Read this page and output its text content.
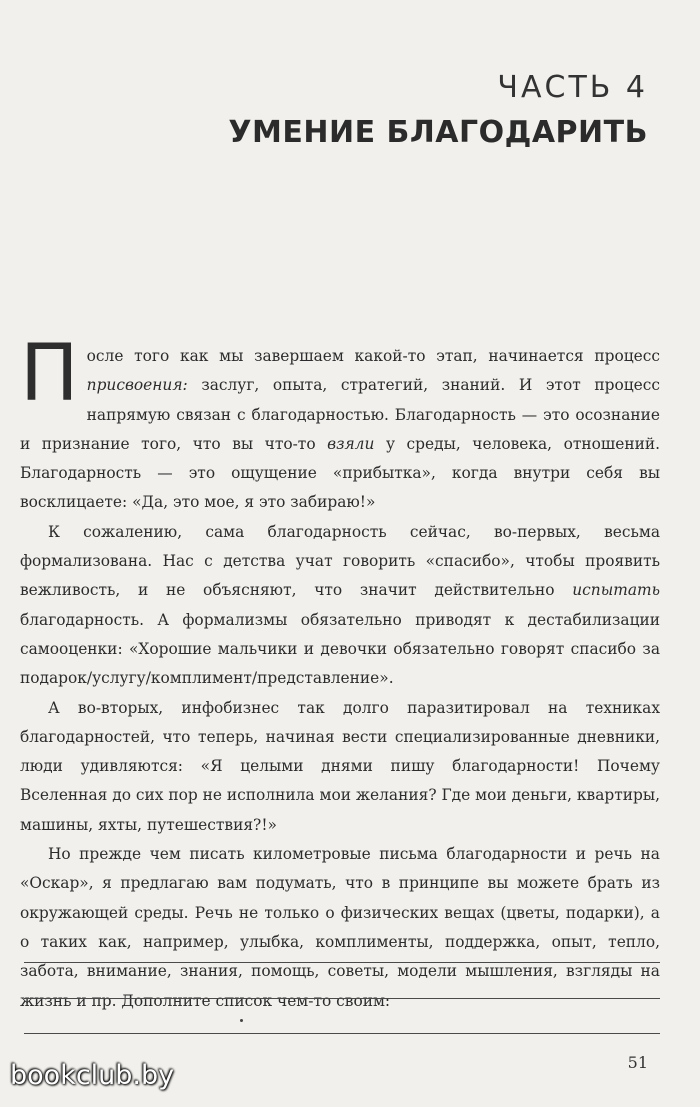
ЧАСТЬ 4
УМЕНИЕ БЛАГОДАРИТЬ

После того как мы завершаем какой-то этап, начинается процесс присвоения: заслуг, опыта, стратегий, знаний. И этот процесс напрямую связан с благодарностью. Благодарность — это осознание и признание того, что вы что-то взяли у среды, человека, отношений. Благодарность — это ощущение «прибытка», когда внутри себя вы восклицаете: «Да, это мое, я это забираю!»

К сожалению, сама благодарность сейчас, во-первых, весьма формализована. Нас с детства учат говорить «спасибо», чтобы проявить вежливость, и не объясняют, что значит действительно испытать благодарность. А формализмы обязательно приводят к дестабилизации самооценки: «Хорошие мальчики и девочки обязательно говорят спасибо за подарок/услугу/комплимент/представление».

А во-вторых, инфобизнес так долго паразитировал на техниках благодарностей, что теперь, начиная вести специализированные дневники, люди удивляются: «Я целыми днями пишу благодарности! Почему Вселенная до сих пор не исполнила мои желания? Где мои деньги, квартиры, машины, яхты, путешествия?!»

Но прежде чем писать километровые письма благодарности и речь на «Оскар», я предлагаю вам подумать, что в принципе вы можете брать из окружающей среды. Речь не только о физических вещах (цветы, подарки), а о таких как, например, улыбка, комплименты, поддержка, опыт, тепло, забота, внимание, знания, помощь, советы, модели мышления, взгляды на жизнь и пр. Дополните список чем-то своим:

51
bookclub.by
